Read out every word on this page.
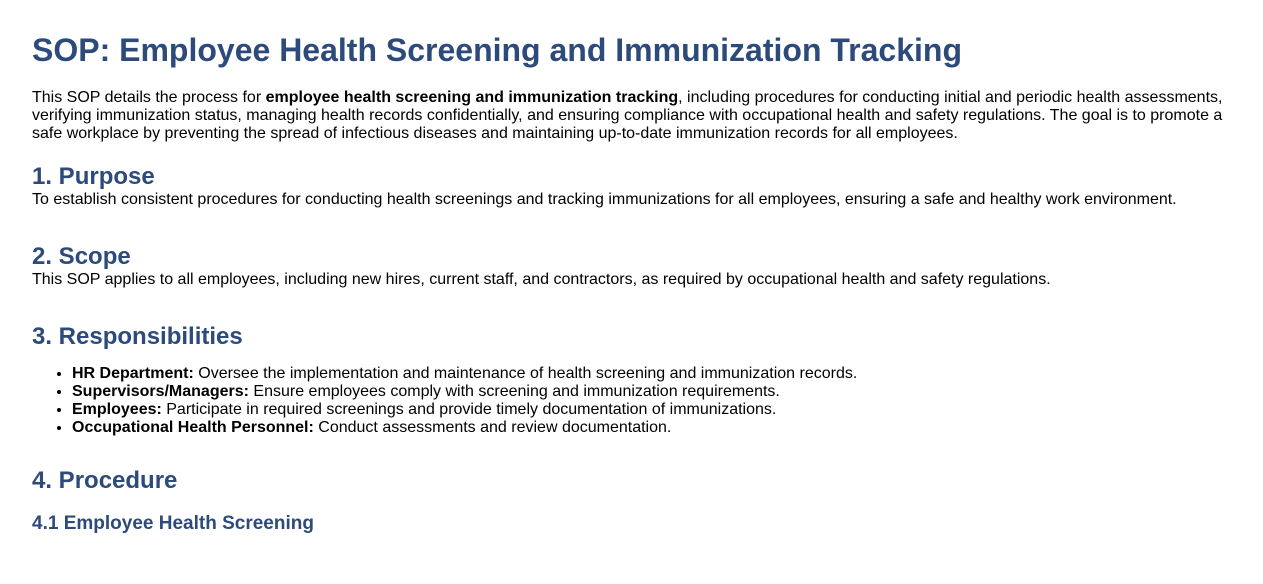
SOP: Employee Health Screening and Immunization Tracking

This SOP details the process for employee health screening and immunization tracking, including procedures for conducting initial and periodic health assessments, verifying immunization status, managing health records confidentially, and ensuring compliance with occupational health and safety regulations. The goal is to promote a safe workplace by preventing the spread of infectious diseases and maintaining up-to-date immunization records for all employees.

1. Purpose

To establish consistent procedures for conducting health screenings and tracking immunizations for all employees, ensuring a safe and healthy work environment.

2. Scope

This SOP applies to all employees, including new hires, current staff, and contractors, as required by occupational health and safety regulations.

3. Responsibilities
• HR Department: Oversee the implementation and maintenance of health screening and immunization records.
• Supervisors/Managers: Ensure employees comply with screening and immunization requirements.
• Employees: Participate in required screenings and provide timely documentation of immunizations.
• Occupational Health Personnel: Conduct assessments and review documentation.
4. Procedure
4.1 Employee Health Screening
